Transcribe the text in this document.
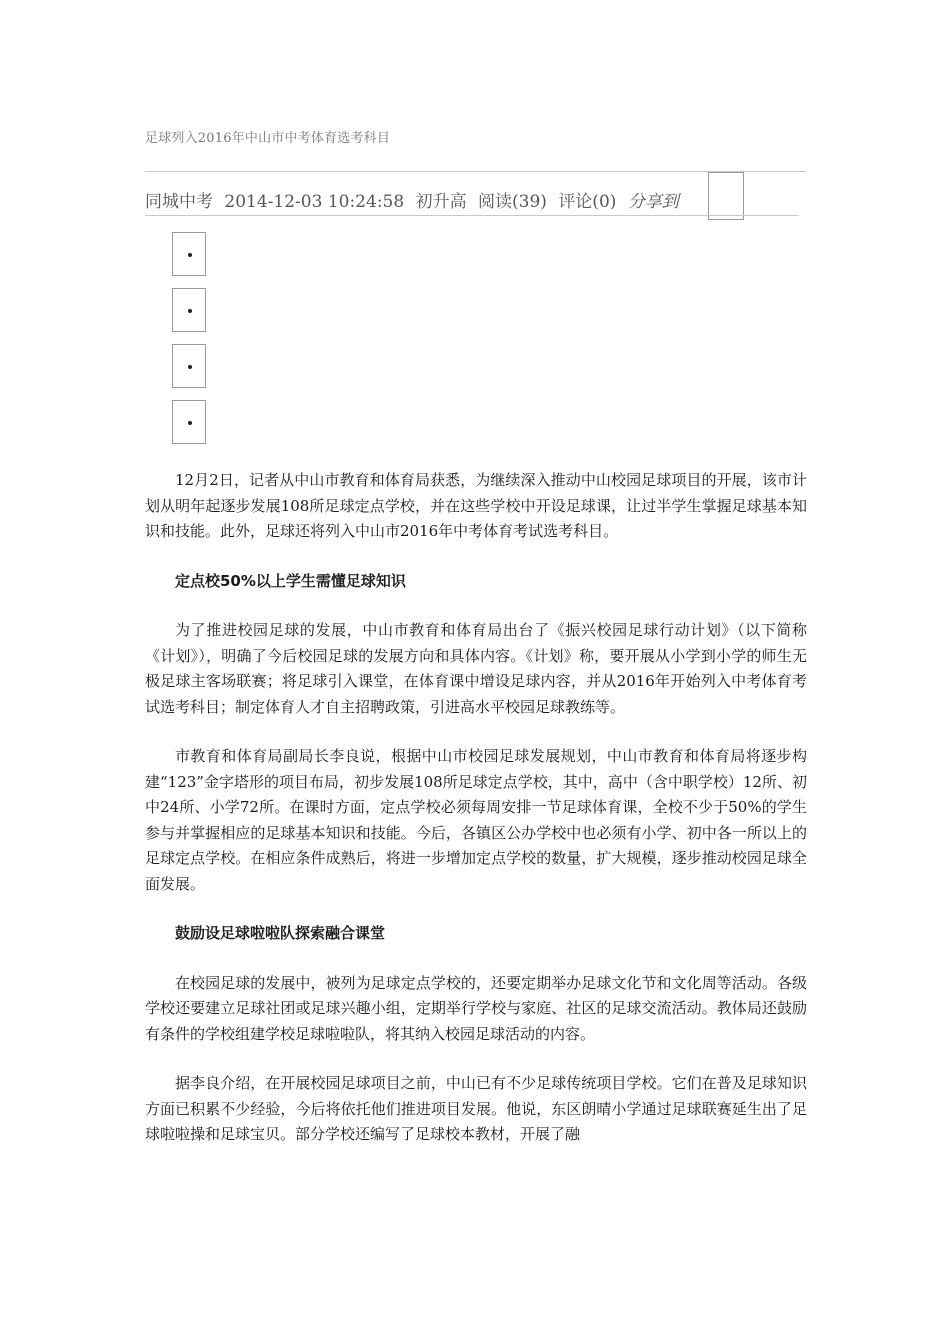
足球列入2016年中山市中考体育选考科目
同城中考 2014-12-03 10:24:58 初升高 阅读(39) 评论(0) 分享到

12月2日，记者从中山市教育和体育局获悉，为继续深入推动中山校园足球项目的开展，该市计划从明年起逐步发展108所足球定点学校，并在这些学校中开设足球课，让过半学生掌握足球基本知识和技能。此外，足球还将列入中山市2016年中考体育考试选考科目。

定点校50%以上学生需懂足球知识

为了推进校园足球的发展，中山市教育和体育局出台了《振兴校园足球行动计划》（以下简称《计划》），明确了今后校园足球的发展方向和具体内容。《计划》称，要开展从小学到小学的师生无极足球主客场联赛；将足球引入课堂，在体育课中增设足球内容，并从2016年开始列入中考体育考试选考科目；制定体育人才自主招聘政策，引进高水平校园足球教练等。

市教育和体育局副局长李良说，根据中山市校园足球发展规划，中山市教育和体育局将逐步构建“123”金字塔形的项目布局，初步发展108所足球定点学校，其中，高中（含中职学校）12所、初中24所、小学72所。在课时方面，定点学校必须每周安排一节足球体育课，全校不少于50%的学生参与并掌握相应的足球基本知识和技能。今后，各镇区公办学校中也必须有小学、初中各一所以上的足球定点学校。在相应条件成熟后，将进一步增加定点学校的数量，扩大规模，逐步推动校园足球全面发展。

鼓励设足球啦啦队探索融合课堂

在校园足球的发展中，被列为足球定点学校的，还要定期举办足球文化节和文化周等活动。各级学校还要建立足球社团或足球兴趣小组，定期举行学校与家庭、社区的足球交流活动。教体局还鼓励有条件的学校组建学校足球啦啦队，将其纳入校园足球活动的内容。

据李良介绍，在开展校园足球项目之前，中山已有不少足球传统项目学校。它们在普及足球知识方面已积累不少经验，今后将依托他们推进项目发展。他说，东区朗晴小学通过足球联赛延生出了足球啦啦操和足球宝贝。部分学校还编写了足球校本教材，开展了融
